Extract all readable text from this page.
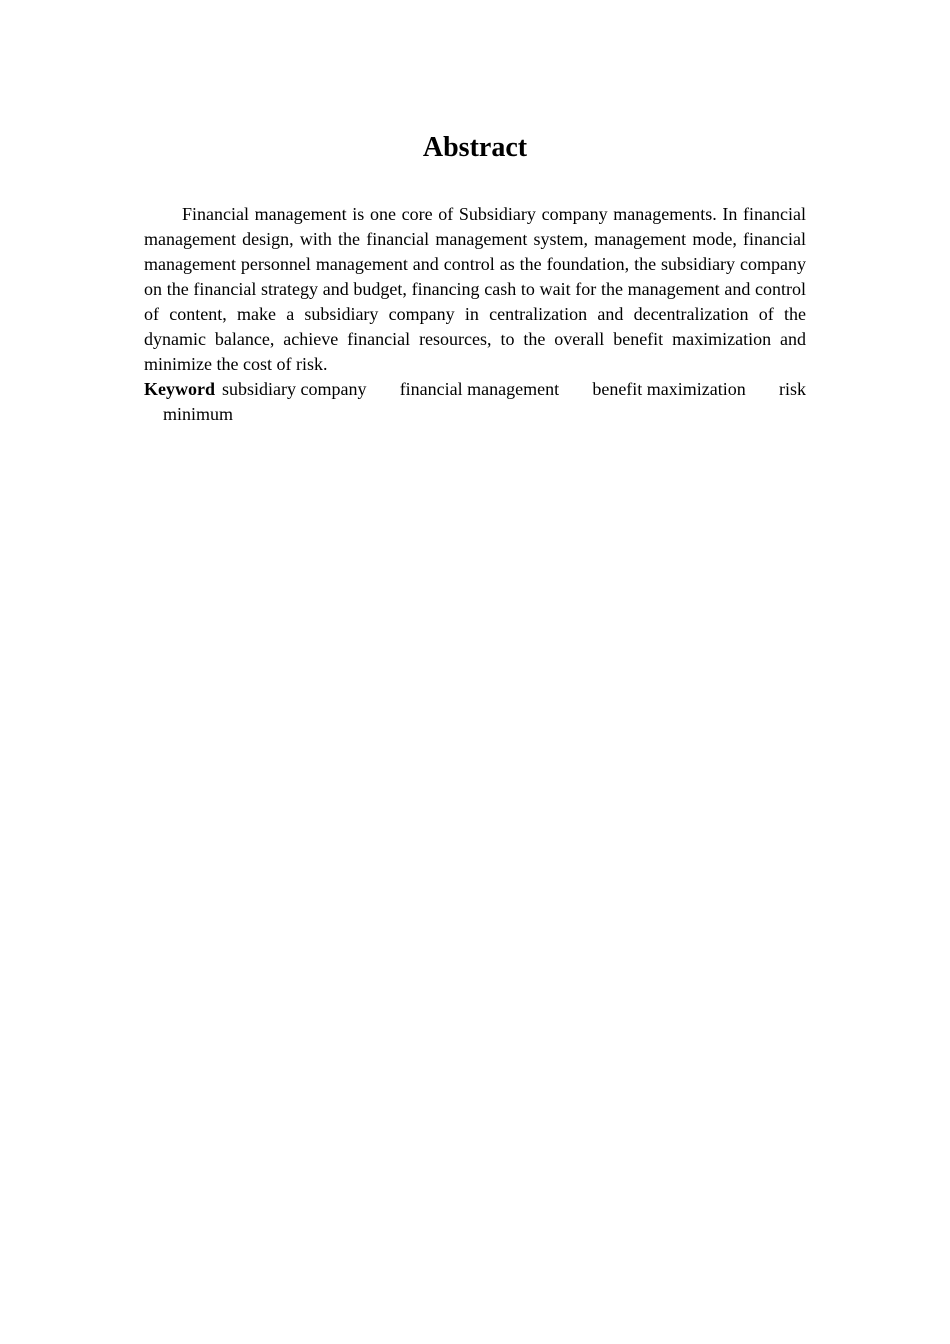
Abstract

Financial management is one core of Subsidiary company managements. In financial management design, with the financial management system, management mode, financial management personnel management and control as the foundation, the subsidiary company on the financial strategy and budget, financing cash to wait for the management and control of content, make a subsidiary company in centralization and decentralization of the dynamic balance, achieve financial resources, to the overall benefit maximization and minimize the cost of risk.

Keyword subsidiary company financial management benefit maximization risk
minimum
